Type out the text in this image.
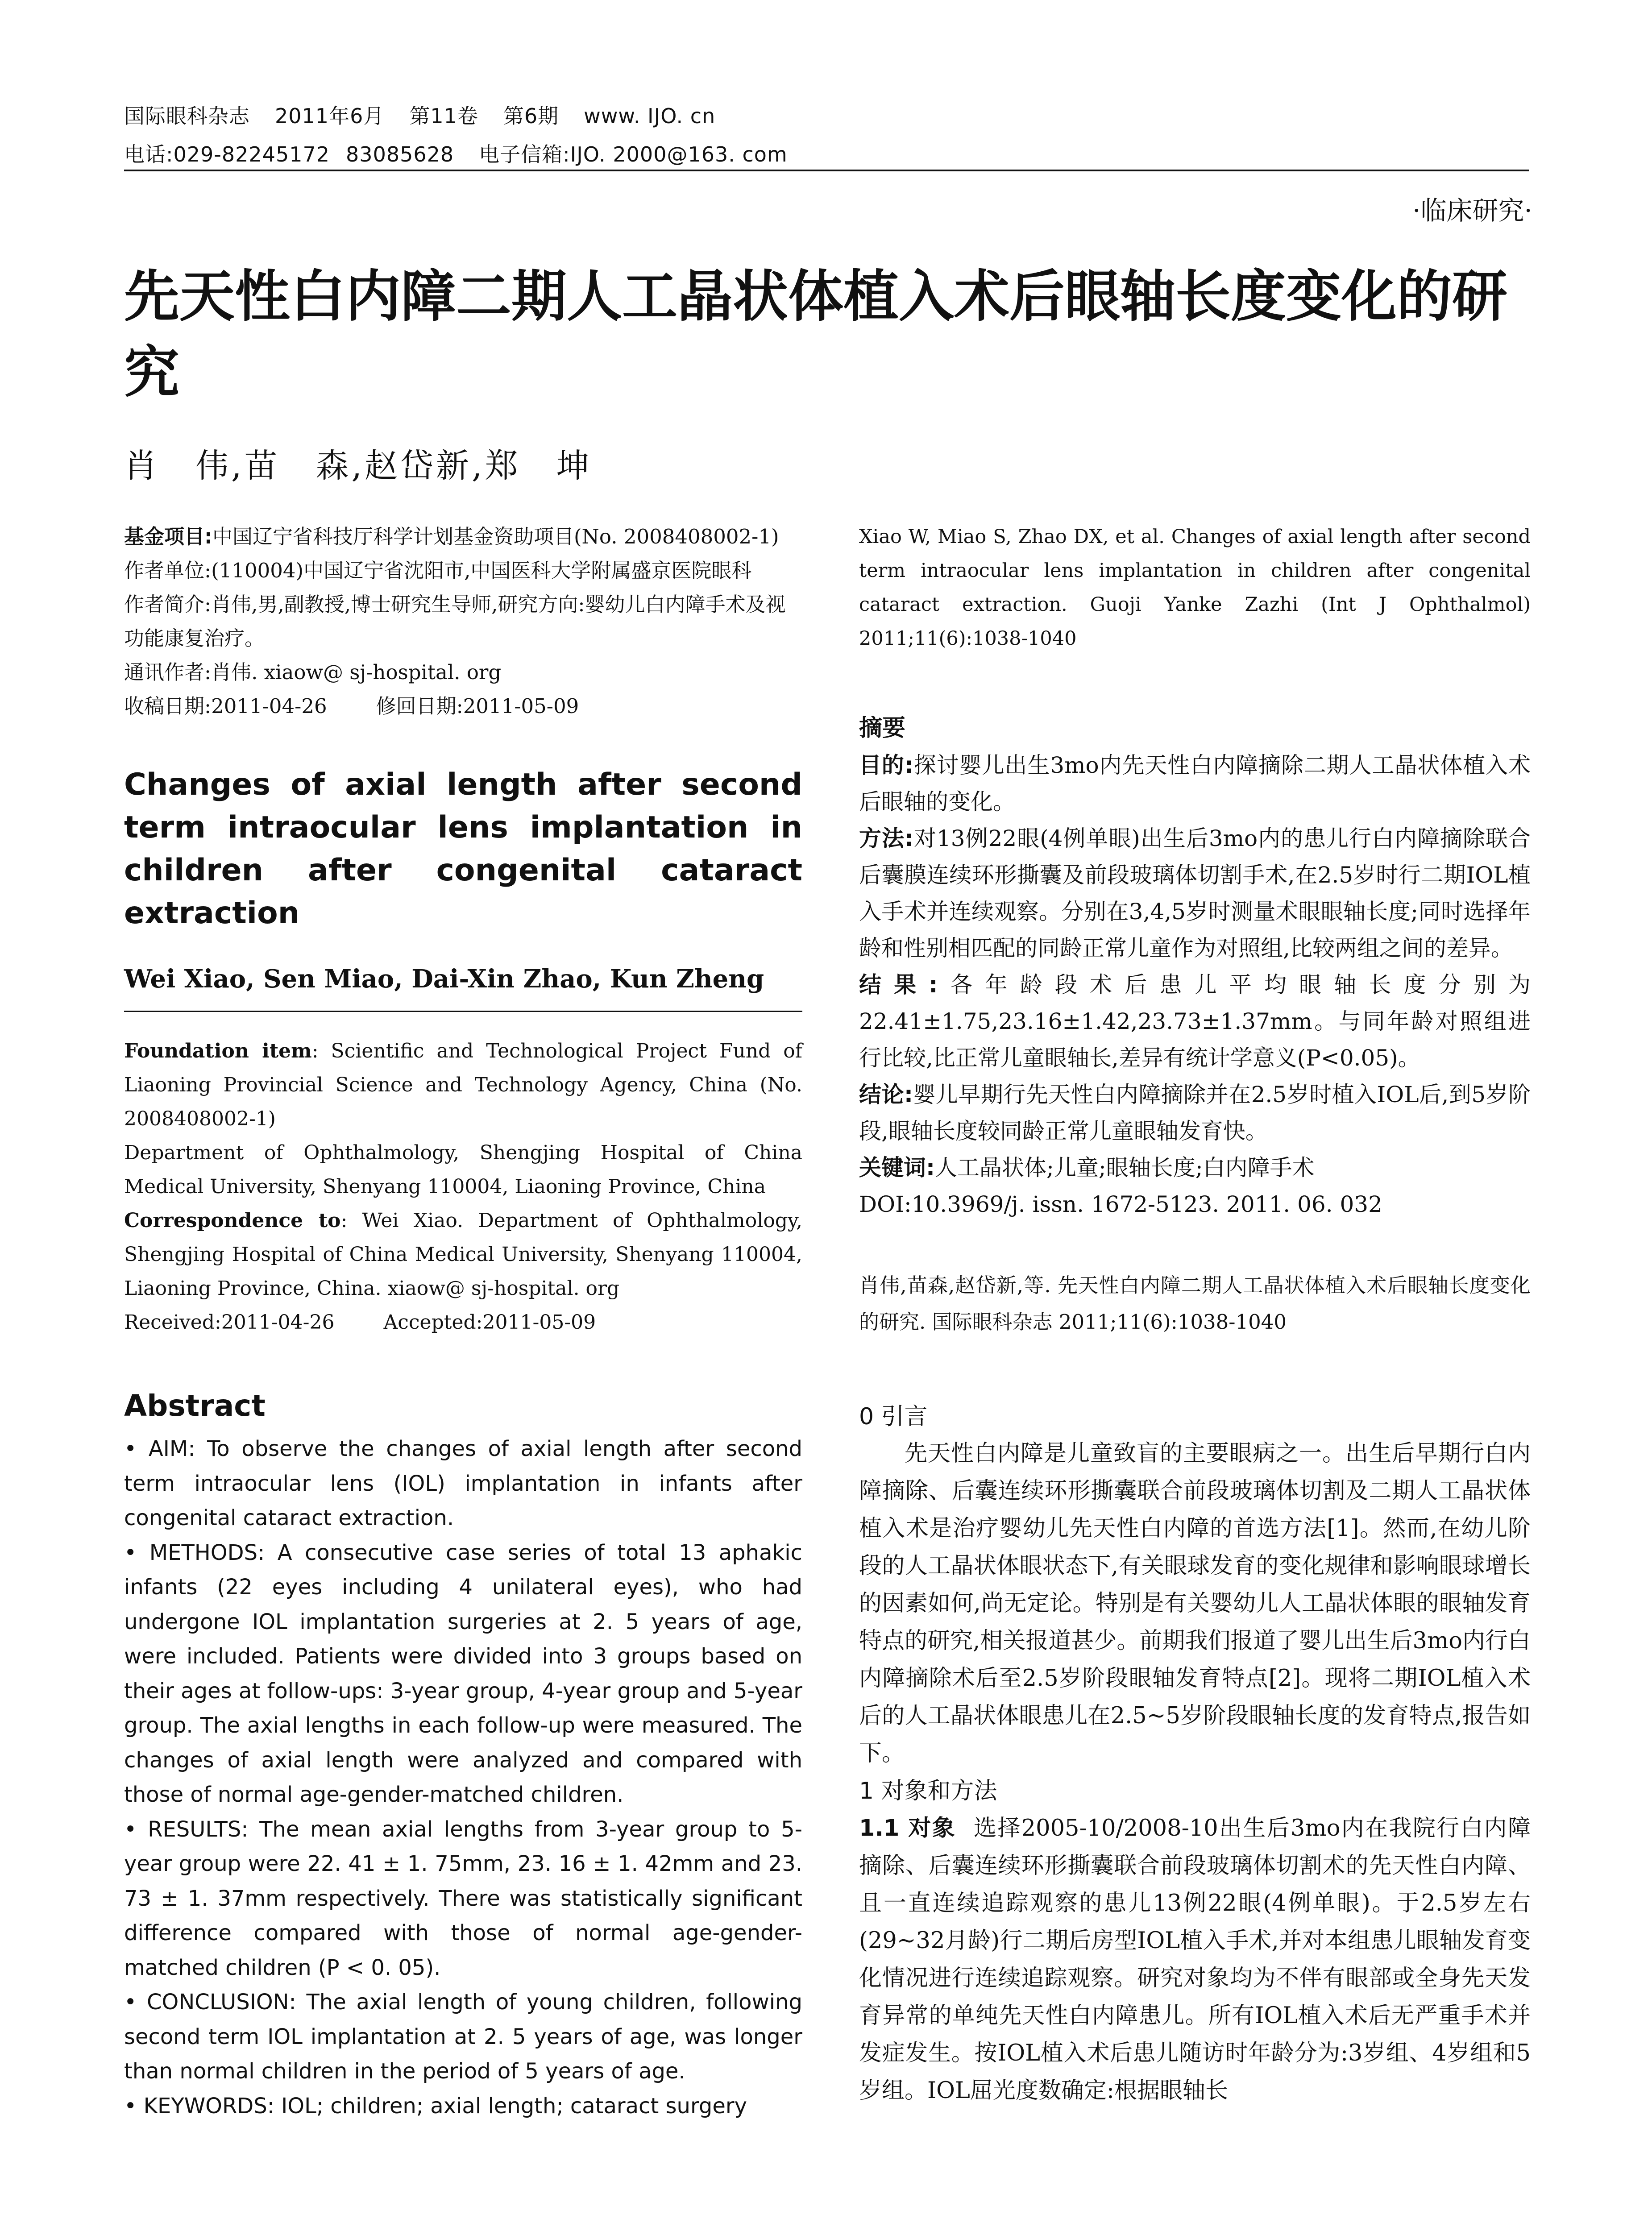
国际眼科杂志 2011年6月 第11卷 第6期 www. IJO. cn
电话:029-82245172 83085628 电子信箱:IJO. 2000@163. com
·临床研究·
先天性白内障二期人工晶状体植入术后眼轴长度变化的研究
肖　伟,苗　森,赵岱新,郑　坤

基金项目:中国辽宁省科技厅科学计划基金资助项目(No. 2008408002-1)

作者单位:(110004)中国辽宁省沈阳市,中国医科大学附属盛京医院眼科

作者简介:肖伟,男,副教授,博士研究生导师,研究方向:婴幼儿白内障手术及视功能康复治疗。

通讯作者:肖伟. xiaow@ sj-hospital. org

收稿日期:2011-04-26 修回日期:2011-05-09

Changes of axial length after second term intraocular lens implantation in children after congenital cataract extraction
Wei Xiao, Sen Miao, Dai-Xin Zhao, Kun Zheng

Foundation item: Scientific and Technological Project Fund of Liaoning Provincial Science and Technology Agency, China (No. 2008408002-1)

Department of Ophthalmology, Shengjing Hospital of China Medical University, Shenyang 110004, Liaoning Province, China

Correspondence to: Wei Xiao. Department of Ophthalmology, Shengjing Hospital of China Medical University, Shenyang 110004, Liaoning Province, China. xiaow@ sj-hospital. org

Received:2011-04-26	Accepted:2011-05-09

Abstract

• AIM: To observe the changes of axial length after second term intraocular lens (IOL) implantation in infants after congenital cataract extraction.

• METHODS: A consecutive case series of total 13 aphakic infants (22 eyes including 4 unilateral eyes), who had undergone IOL implantation surgeries at 2. 5 years of age, were included. Patients were divided into 3 groups based on their ages at follow-ups: 3-year group, 4-year group and 5-year group. The axial lengths in each follow-up were measured. The changes of axial length were analyzed and compared with those of normal age-gender-matched children.

• RESULTS: The mean axial lengths from 3-year group to 5-year group were 22. 41 ± 1. 75mm, 23. 16 ± 1. 42mm and 23. 73 ± 1. 37mm respectively. There was statistically significant difference compared with those of normal age-gender-matched children (P < 0. 05).

• CONCLUSION: The axial length of young children, following second term IOL implantation at 2. 5 years of age, was longer than normal children in the period of 5 years of age.

• KEYWORDS: IOL; children; axial length; cataract surgery

Xiao W, Miao S, Zhao DX, et al. Changes of axial length after second term intraocular lens implantation in children after congenital cataract extraction. Guoji Yanke Zazhi (Int J Ophthalmol) 2011;11(6):1038-1040

摘要

目的:探讨婴儿出生3mo内先天性白内障摘除二期人工晶状体植入术后眼轴的变化。

方法:对13例22眼(4例单眼)出生后3mo内的患儿行白内障摘除联合后囊膜连续环形撕囊及前段玻璃体切割手术,在2.5岁时行二期IOL植入手术并连续观察。分别在3,4,5岁时测量术眼眼轴长度;同时选择年龄和性别相匹配的同龄正常儿童作为对照组,比较两组之间的差异。

结果:各年龄段术后患儿平均眼轴长度分别为22.41±1.75,23.16±1.42,23.73±1.37mm。与同年龄对照组进行比较,比正常儿童眼轴长,差异有统计学意义(P<0.05)。

结论:婴儿早期行先天性白内障摘除并在2.5岁时植入IOL后,到5岁阶段,眼轴长度较同龄正常儿童眼轴发育快。

关键词:人工晶状体;儿童;眼轴长度;白内障手术

DOI:10.3969/j. issn. 1672-5123. 2011. 06. 032

肖伟,苗森,赵岱新,等. 先天性白内障二期人工晶状体植入术后眼轴长度变化的研究. 国际眼科杂志 2011;11(6):1038-1040

0 引言

先天性白内障是儿童致盲的主要眼病之一。出生后早期行白内障摘除、后囊连续环形撕囊联合前段玻璃体切割及二期人工晶状体植入术是治疗婴幼儿先天性白内障的首选方法[1]。然而,在幼儿阶段的人工晶状体眼状态下,有关眼球发育的变化规律和影响眼球增长的因素如何,尚无定论。特别是有关婴幼儿人工晶状体眼的眼轴发育特点的研究,相关报道甚少。前期我们报道了婴儿出生后3mo内行白内障摘除术后至2.5岁阶段眼轴发育特点[2]。现将二期IOL植入术后的人工晶状体眼患儿在2.5~5岁阶段眼轴长度的发育特点,报告如下。

1 对象和方法

1.1 对象 选择2005-10/2008-10出生后3mo内在我院行白内障摘除、后囊连续环形撕囊联合前段玻璃体切割术的先天性白内障、且一直连续追踪观察的患儿13例22眼(4例单眼)。于2.5岁左右(29~32月龄)行二期后房型IOL植入手术,并对本组患儿眼轴发育变化情况进行连续追踪观察。研究对象均为不伴有眼部或全身先天发育异常的单纯先天性白内障患儿。所有IOL植入术后无严重手术并发症发生。按IOL植入术后患儿随访时年龄分为:3岁组、4岁组和5岁组。IOL屈光度数确定:根据眼轴长
